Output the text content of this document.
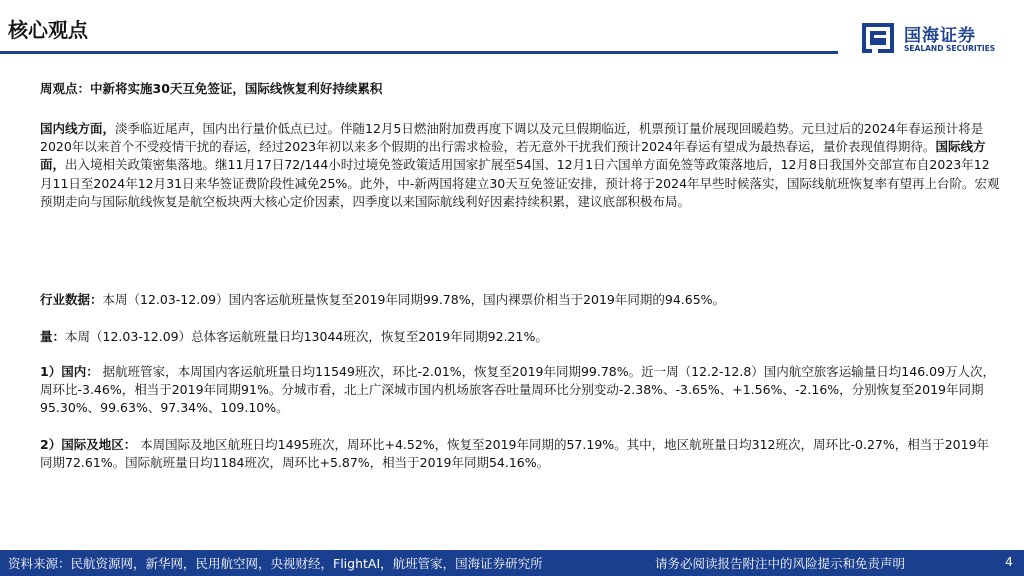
核心观点	国海证券
SEALAND SECURITIES

周观点：中新将实施30天互免签证，国际线恢复利好持续累积

国内线方面，淡季临近尾声，国内出行量价低点已过。伴随12月5日燃油附加费再度下调以及元旦假期临近，机票预订量价展现回暖趋势。元旦过后的2024年春运预计将是2020年以来首个不受疫情干扰的春运，经过2023年初以来多个假期的出行需求检验，若无意外干扰我们预计2024年春运有望成为最热春运，量价表现值得期待。国际线方面，出入境相关政策密集落地。继11月17日72/144小时过境免签政策适用国家扩展至54国、12月1日六国单方面免签等政策落地后，12月8日我国外交部宣布自2023年12月11日至2024年12月31日来华签证费阶段性减免25%。此外，中-新两国将建立30天互免签证安排，预计将于2024年早些时候落实，国际线航班恢复率有望再上台阶。宏观预期走向与国际航线恢复是航空板块两大核心定价因素，四季度以来国际航线利好因素持续积累，建议底部积极布局。

行业数据：本周（12.03-12.09）国内客运航班量恢复至2019年同期99.78%，国内裸票价相当于2019年同期的94.65%。

量：本周（12.03-12.09）总体客运航班量日均13044班次，恢复至2019年同期92.21%。

1）国内： 据航班管家，本周国内客运航班量日均11549班次，环比-2.01%，恢复至2019年同期99.78%。近一周（12.2-12.8）国内航空旅客运输量日均146.09万人次，周环比-3.46%，相当于2019年同期91%。分城市看，北上广深城市国内机场旅客吞吐量周环比分别变动-2.38%、-3.65%、+1.56%、-2.16%，分别恢复至2019年同期95.30%、99.63%、97.34%、109.10%。

2）国际及地区： 本周国际及地区航班日均1495班次，周环比+4.52%，恢复至2019年同期的57.19%。其中，地区航班量日均312班次，周环比-0.27%，相当于2019年同期72.61%。国际航班量日均1184班次，周环比+5.87%，相当于2019年同期54.16%。

资料来源：民航资源网，新华网，民用航空网，央视财经，FlightAI，航班管家，国海证券研究所	请务必阅读报告附注中的风险提示和免责声明	4
